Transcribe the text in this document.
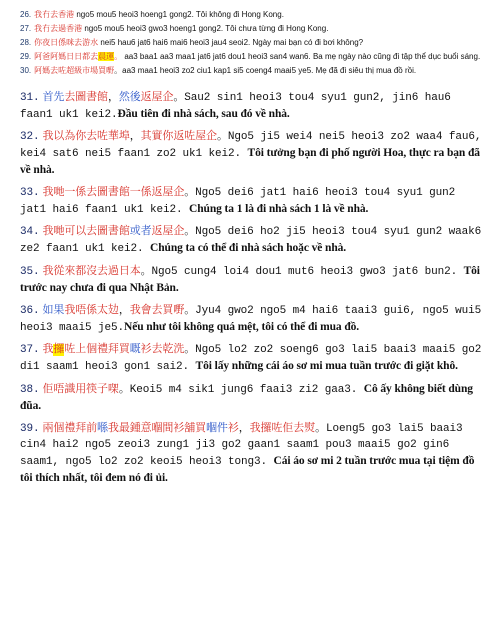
26. 我冇去香港 ngo5 mou5 heoi3 hoeng1 gong2. Tôi không đi Hong Kong.
27. 我冇去過香港 ngo5 mou5 heoi3 gwo3 hoeng1 gong2. Tôi chưa từng đi Hong Kong.
28. 你夜日係咪去游水 nei5 hau6 jat6 hai6 mai6 heoi3 jau4 seoi2. Ngày mai bạn có đi bơi không?
29. 阿爸阿媽日日都去晨運。 aa3 baa1 aa3 maa1 jat6 jat6 dou1 heoi3 san4 wan6. Ba mẹ ngày nào cũng đi tập thể dục buổi sáng.
30. 阿媽去咗超級市場買嘢。aa3 maa1 heoi3 zo2 ciu1 kap1 si5 coeng4 maai5 ye5. Mẹ đã đi siêu thị mua đồ rồi.
31. 首先去圖書館，然後返屋企。Sau2 sin1 heoi3 tou4 syu1 gun2, jin6 hau6 faan1 uk1 kei2.Đầu tiên đi nhà sách, sau đó về nhà.
32. 我以為你去咗華埠，其實你返咗屋企。Ngo5 ji5 wei4 nei5 heoi3 zo2 waa4 fau6, kei4 sat6 nei5 faan1 zo2 uk1 kei2. Tôi tưởng bạn đi phố người Hoa, thực ra bạn đã về nhà.
33. 我哋一係去圖書館一係返屋企。Ngo5 dei6 jat1 hai6 heoi3 tou4 syu1 gun2 jat1 hai6 faan1 uk1 kei2. Chúng ta 1 là đi nhà sách 1 là về nhà.
34. 我哋可以去圖書館或者返屋企。Ngo5 dei6 ho2 ji5 heoi3 tou4 syu1 gun2 waak6 ze2 faan1 uk1 kei2. Chúng ta có thể đi nhà sách hoặc về nhà.
35. 我從來都沒去過日本。Ngo5 cung4 loi4 dou1 mut6 heoi3 gwo3 jat6 bun2. Tôi trước nay chưa đi qua Nhật Bản.
36. 如果我唔係太攰，我會去買嘢。Jyu4 gwo2 ngo5 m4 hai6 taai3 gui6, ngo5 wui5 heoi3 maai5 je5.Nếu như tôi không quá mệt, tôi có thể đi mua đồ.
37. 我攞咗上個禮拜買嘅衫去乾洗。Ngo5 lo2 zo2 soeng6 go3 lai5 baai3 maai5 go2 di1 saam1 heoi3 gon1 sai2. Tôi lấy những cái áo sơ mi mua tuần trước đi giặt khô.
38. 佢唔識用筷子㗎。Keoi5 m4 sik1 jung6 faai3 zi2 gaa3. Cô ấy không biết dùng đũa.
39. 兩個禮拜前喺我最鍾意嗰間衫舖買嗰件衫，我攞咗佢去熨。Loeng5 go3 lai5 baai3 cin4 hai2 ngo5 zeoi3 zung1 ji3 go2 gaan1 saam1 pou3 maai5 go2 gin6 saam1, ngo5 lo2 zo2 keoi5 heoi3 tong3. Cái áo sơ mi 2 tuần trước mua tại tiệm đồ tôi thích nhất, tôi đem nó đi ủi.
